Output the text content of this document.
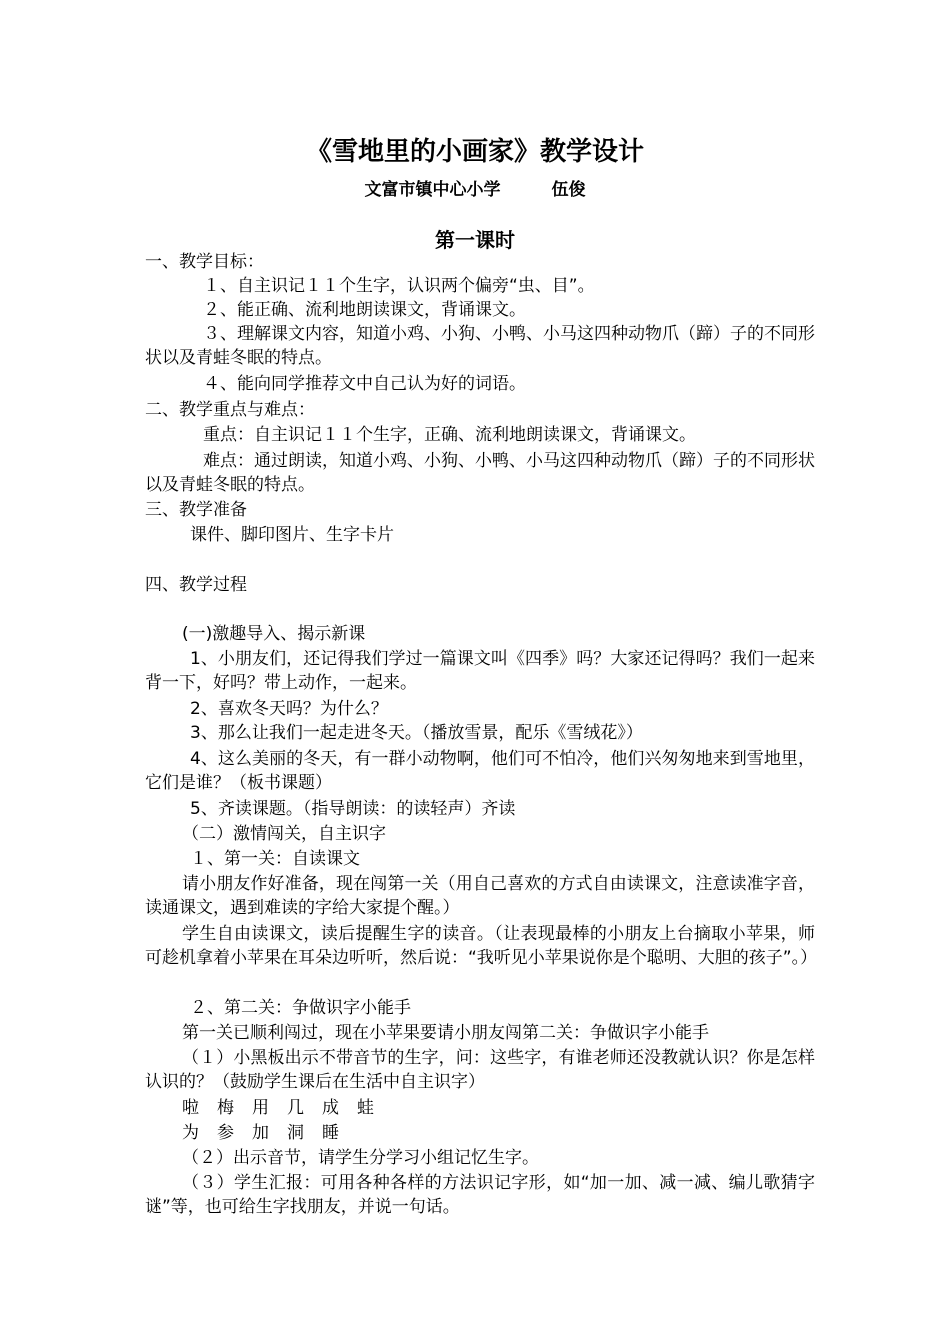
《雪地里的小画家》教学设计
文富市镇中心小学　　　伍俊
第一课时
一、教学目标：
１、自主识记１１个生字，认识两个偏旁“虫、目”。
２、能正确、流利地朗读课文，背诵课文。
３、理解课文内容，知道小鸡、小狗、小鸭、小马这四种动物爪（蹄）子的不同形状以及青蛙冬眠的特点。
４、能向同学推荐文中自己认为好的词语。
二、教学重点与难点：
重点：自主识记１１个生字，正确、流利地朗读课文，背诵课文。
难点：通过朗读，知道小鸡、小狗、小鸭、小马这四种动物爪（蹄）子的不同形状以及青蛙冬眠的特点。
三、教学准备
课件、脚印图片、生字卡片
四、教学过程
(一)激趣导入、揭示新课
1、小朋友们，还记得我们学过一篇课文叫《四季》吗？大家还记得吗？我们一起来背一下，好吗？带上动作，一起来。
2、喜欢冬天吗？为什么？
3、那么让我们一起走进冬天。（播放雪景，配乐《雪绒花》）
4、这么美丽的冬天，有一群小动物啊，他们可不怕冷，他们兴匆匆地来到雪地里，它们是谁？（板书课题）
5、齐读课题。（指导朗读：的读轻声）齐读
（二）激情闯关，自主识字
１、第一关：自读课文
请小朋友作好准备，现在闯第一关（用自己喜欢的方式自由读课文，注意读准字音，读通课文，遇到难读的字给大家提个醒。）
学生自由读课文，读后提醒生字的读音。（让表现最棒的小朋友上台摘取小苹果，师可趁机拿着小苹果在耳朵边听听，然后说：“我听见小苹果说你是个聪明、大胆的孩子”。）
２、第二关：争做识字小能手
第一关已顺利闯过，现在小苹果要请小朋友闯第二关：争做识字小能手
（１）小黑板出示不带音节的生字，问：这些字，有谁老师还没教就认识？你是怎样认识的？（鼓励学生课后在生活中自主识字）
啦 梅 用 几 成 蛙
为 参 加 洞 睡
（２）出示音节，请学生分学习小组记忆生字。
（３）学生汇报：可用各种各样的方法识记字形，如“加一加、减一减、编儿歌猜字谜”等，也可给生字找朋友，并说一句话。
